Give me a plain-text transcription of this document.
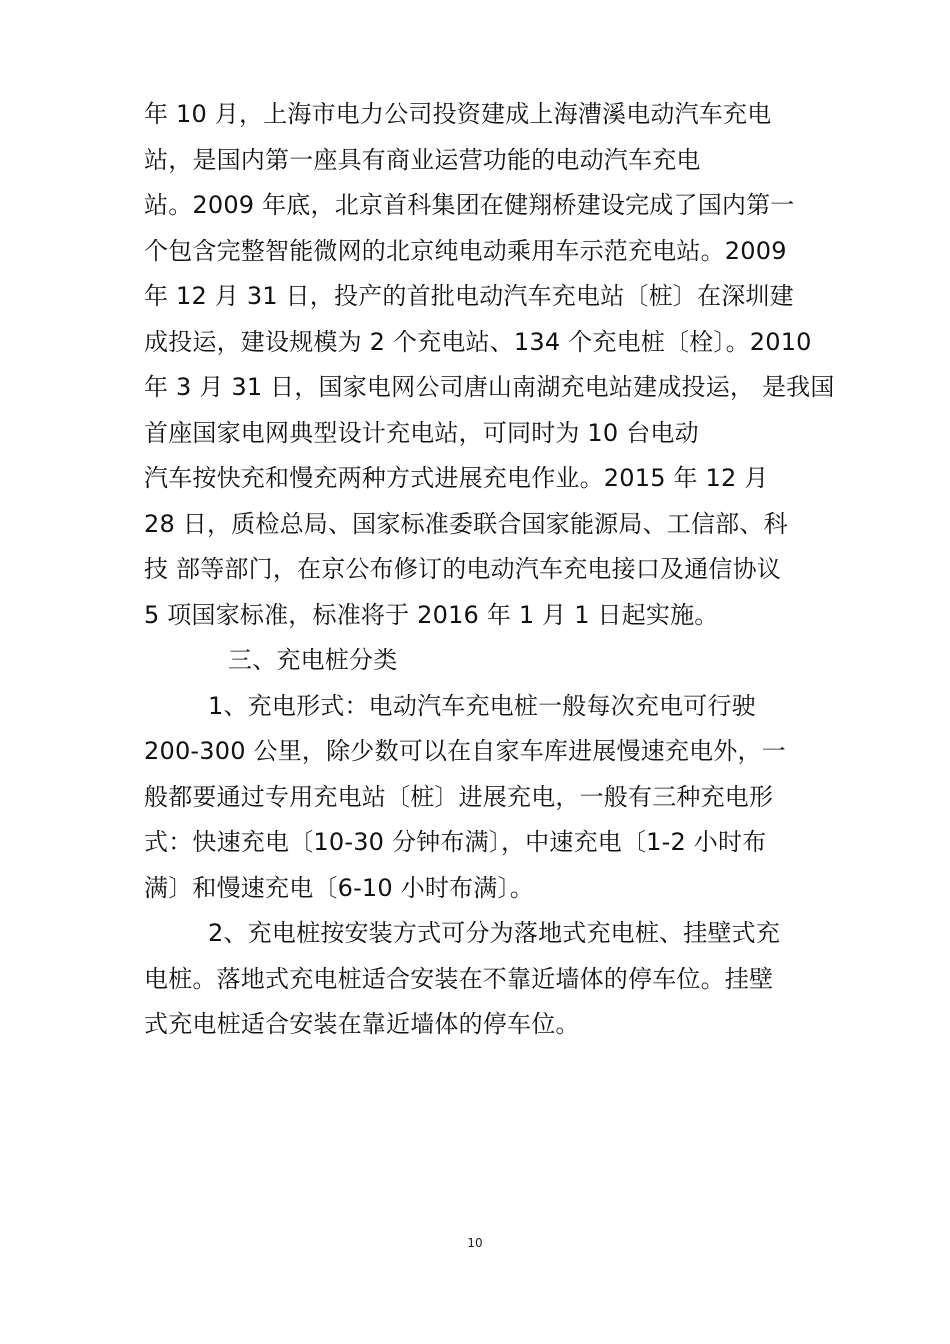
年 10 月，上海市电力公司投资建成上海漕溪电动汽车充电
站，是国内第一座具有商业运营功能的电动汽车充电
站。2009 年底，北京首科集团在健翔桥建设完成了国内第一
个包含完整智能微网的北京纯电动乘用车示范充电站。2009
年 12 月 31 日，投产的首批电动汽车充电站〔桩〕在深圳建
成投运，建设规模为 2 个充电站、134 个充电桩〔栓〕。2010
年 3 月 31 日，国家电网公司唐山南湖充电站建成投运， 是我国
首座国家电网典型设计充电站，可同时为 10 台电动
汽车按快充和慢充两种方式进展充电作业。2015 年 12 月
28 日，质检总局、国家标准委联合国家能源局、工信部、科
技 部等部门，在京公布修订的电动汽车充电接口及通信协议
5 项国家标准，标准将于 2016 年 1 月 1 日起实施。
三、充电桩分类
1、充电形式：电动汽车充电桩一般每次充电可行驶
200-300 公里，除少数可以在自家车库进展慢速充电外，一
般都要通过专用充电站〔桩〕进展充电，一般有三种充电形
式：快速充电〔10-30 分钟布满〕，中速充电〔1-2 小时布
满〕和慢速充电〔6-10 小时布满〕。
2、充电桩按安装方式可分为落地式充电桩、挂壁式充
电桩。落地式充电桩适合安装在不靠近墙体的停车位。挂壁
式充电桩适合安装在靠近墙体的停车位。
10
